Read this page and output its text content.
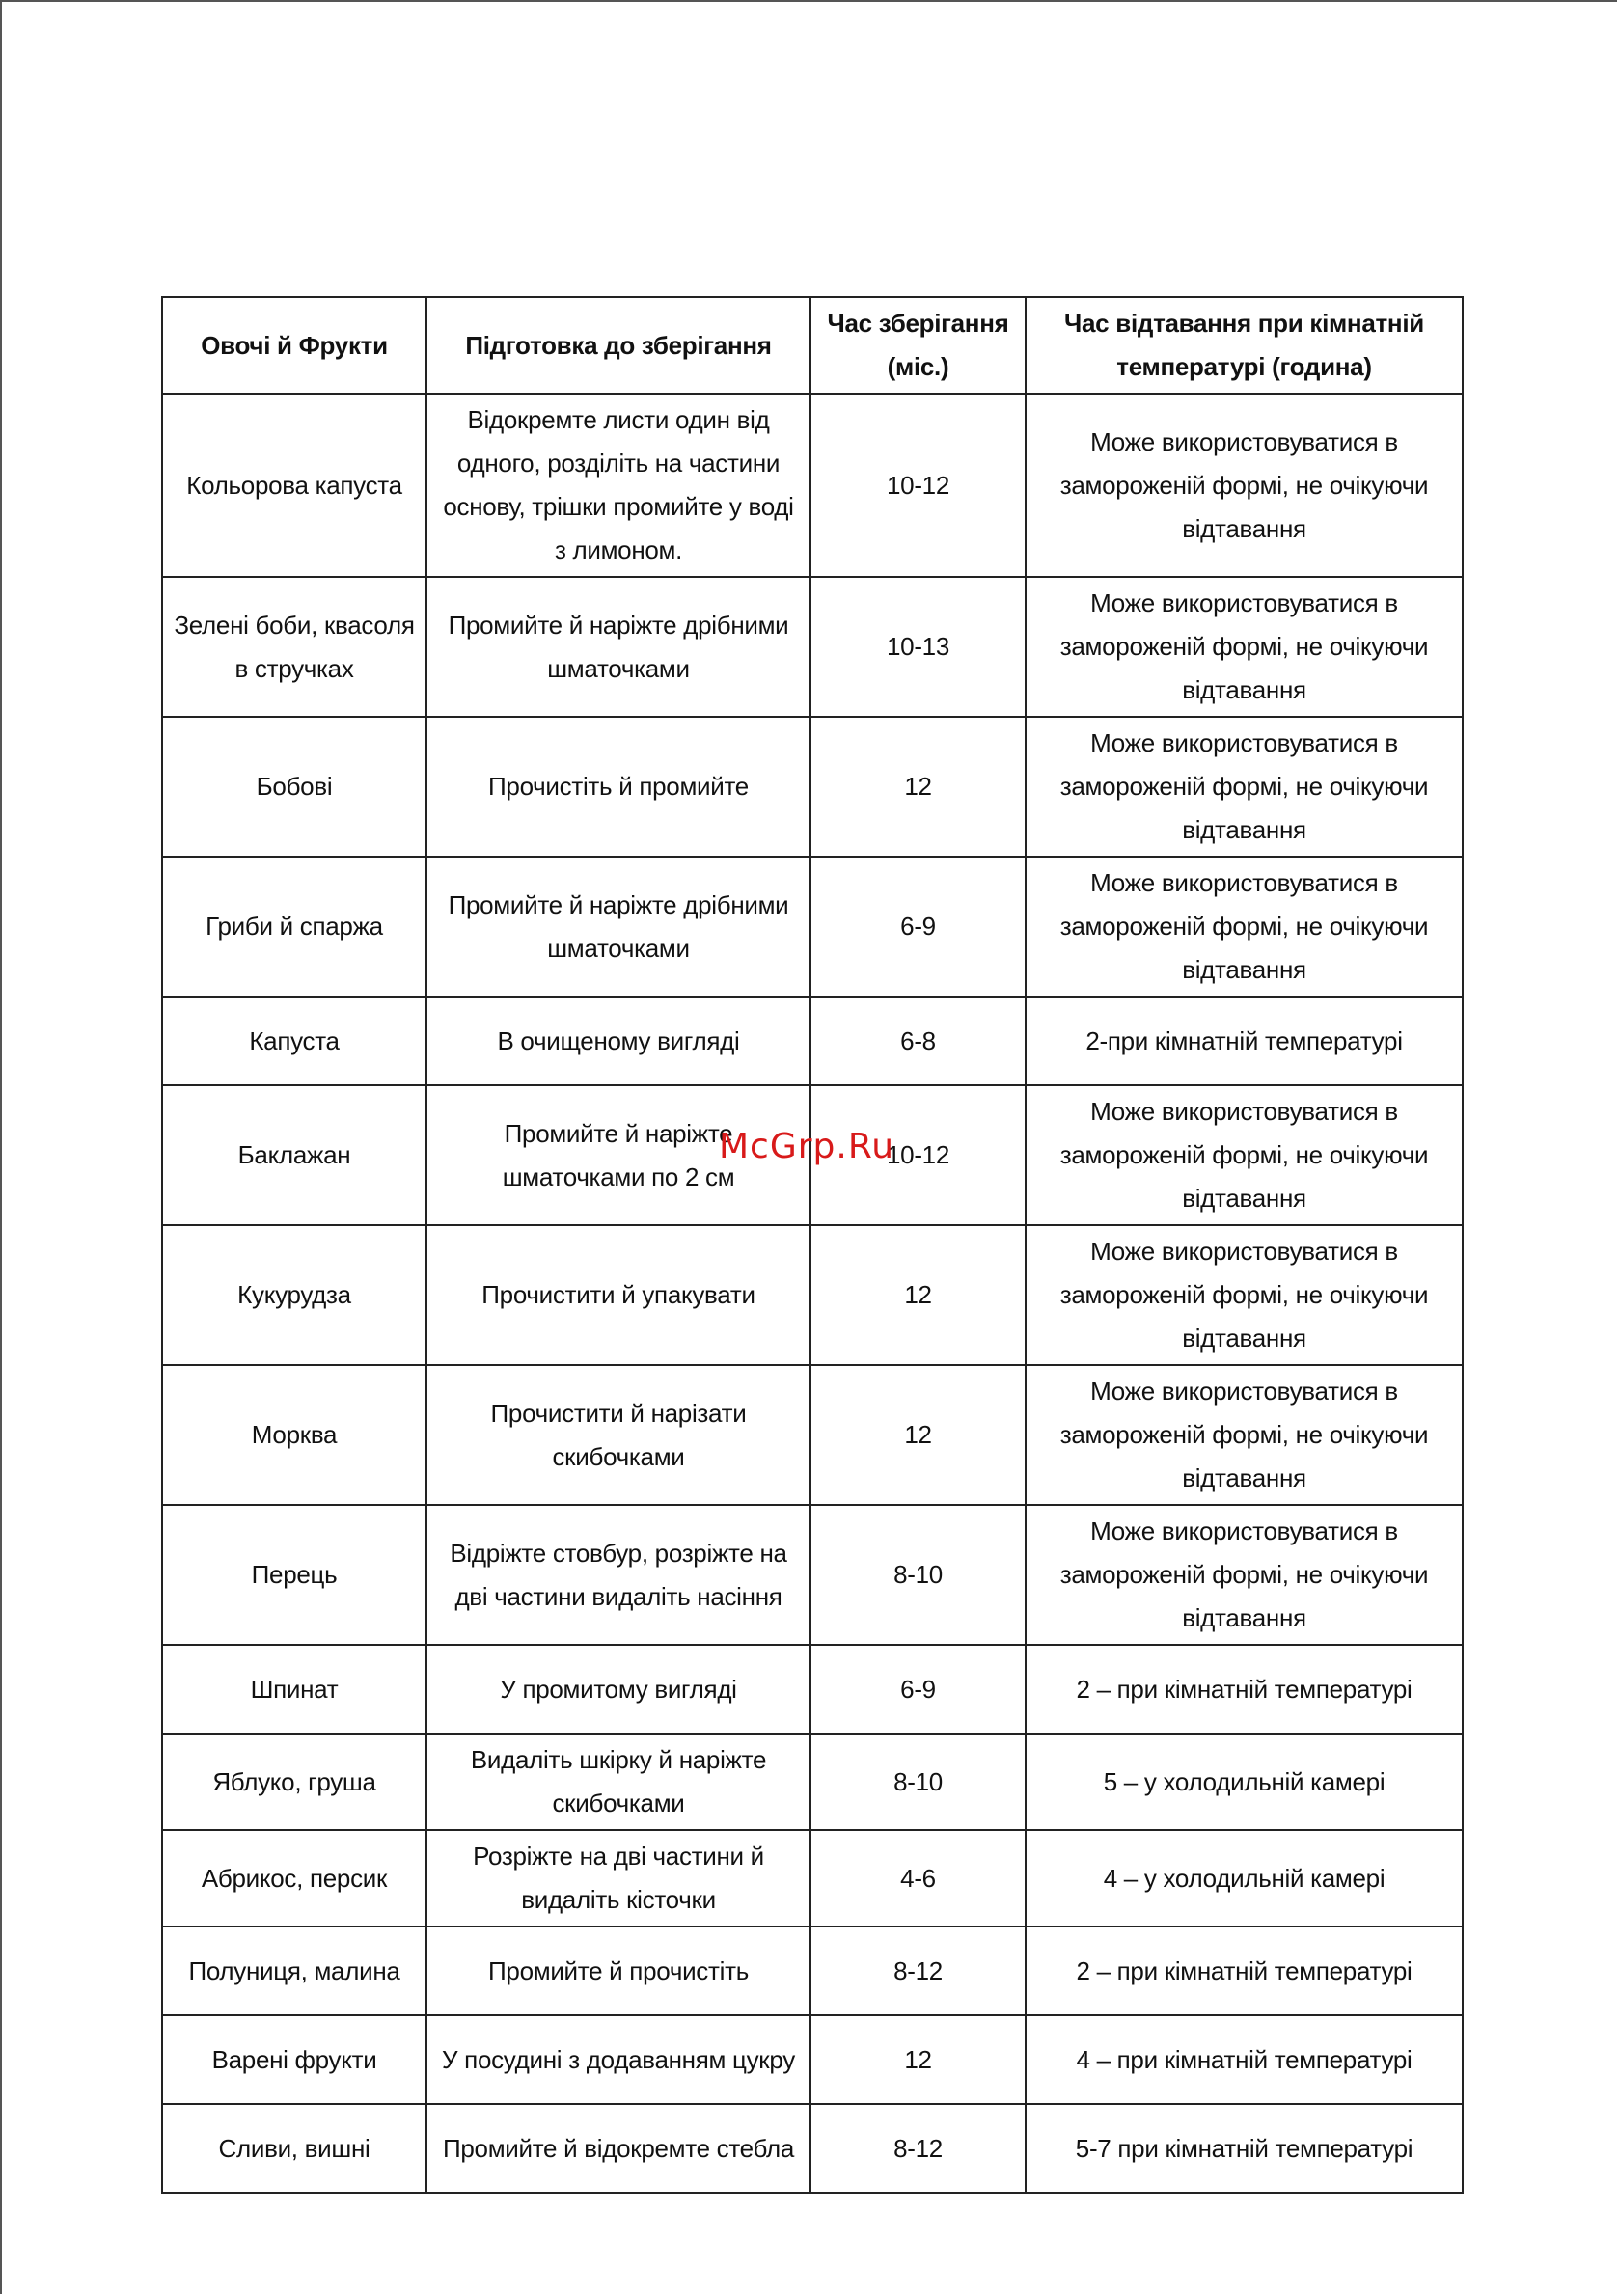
Овочі й Фрукти	Підготовка до зберігання	Час зберігання (міс.)	Час відтавання при кімнатній температурі (година)
Кольорова капуста	Відокремте листи один від одного, розділіть на частини основу, трішки промийте у воді з лимоном.	10-12	Може використовуватися в замороженій формі, не очікуючи відтавання
Зелені боби, квасоля в стручках	Промийте й наріжте дрібними шматочками	10-13	Може використовуватися в замороженій формі, не очікуючи відтавання
Бобові	Прочистіть й промийте	12	Може використовуватися в замороженій формі, не очікуючи відтавання
Гриби й спаржа	Промийте й наріжте дрібними шматочками	6-9	Може використовуватися в замороженій формі, не очікуючи відтавання
Капуста	В очищеному вигляді	6-8	2-при кімнатній температурі
Баклажан	Промийте й наріжте шматочками по 2 см	10-12	Може використовуватися в замороженій формі, не очікуючи відтавання
Кукурудза	Прочистити й упакувати	12	Може використовуватися в замороженій формі, не очікуючи відтавання
Морква	Прочистити й нарізати скибочками	12	Може використовуватися в замороженій формі, не очікуючи відтавання
Перець	Відріжте стовбур, розріжте на дві частини видаліть насіння	8-10	Може використовуватися в замороженій формі, не очікуючи відтавання
Шпинат	У промитому вигляді	6-9	2 – при кімнатній температурі
Яблуко, груша	Видаліть шкірку й наріжте скибочками	8-10	5 – у холодильній камері
Абрикос, персик	Розріжте на дві частини й видаліть кісточки	4-6	4 – у холодильній камері
Полуниця, малина	Промийте й прочистіть	8-12	2 – при кімнатній температурі
Варені фрукти	У посудині з додаванням цукру	12	4 – при кімнатній температурі
Сливи, вишні	Промийте й відокремте стебла	8-12	5-7 при кімнатній температурі
McGrp.Ru
